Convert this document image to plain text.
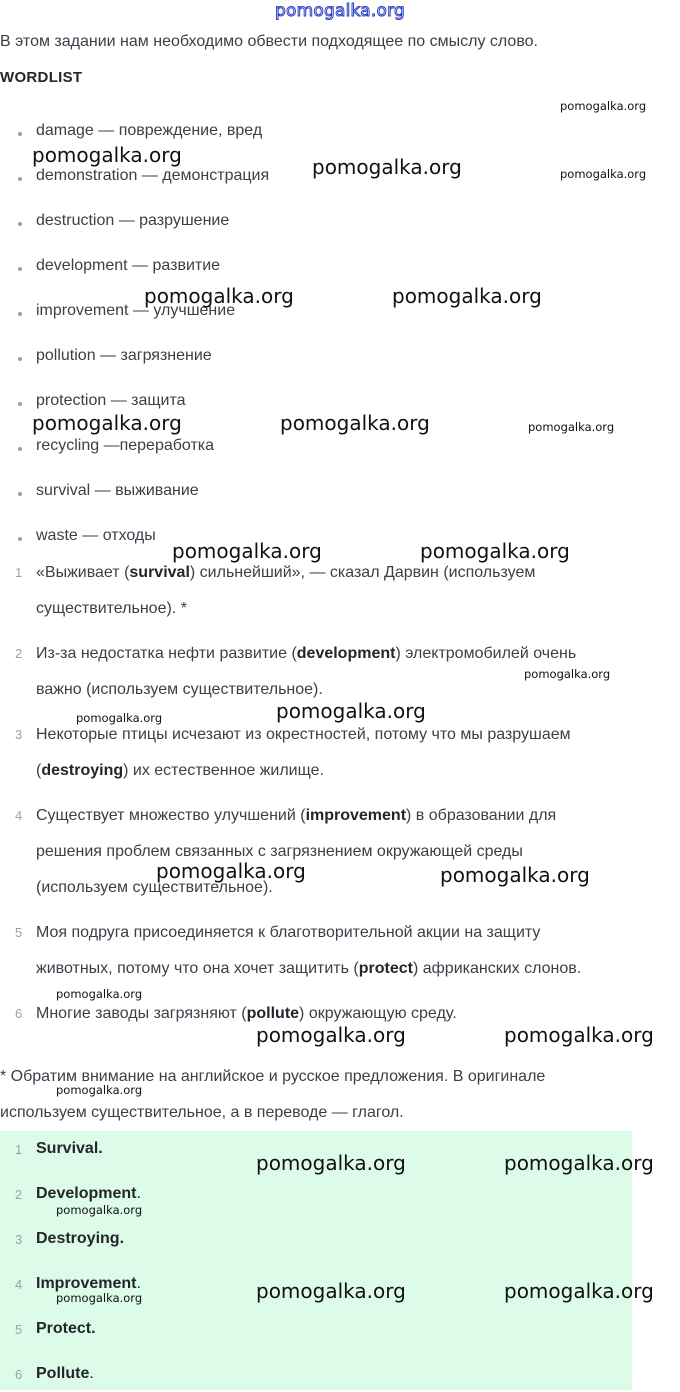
pomogalka.org
В этом задании нам необходимо обвести подходящее по смыслу слово.
WORDLIST
damage — повреждение, вред
demonstration — демонстрация
destruction — разрушение
development — развитие
improvement — улучшение
pollution — загрязнение
protection — защита
recycling —переработка
survival — выживание
waste — отходы
1 «Выживает (survival) сильнейший», — сказал Дарвин (используем
существительное). *
2 Из-за недостатка нефти развитие (development) электромобилей очень
важно (используем существительное).
3 Некоторые птицы исчезают из окрестностей, потому что мы разрушаем
(destroying) их естественное жилище.
4 Существует множество улучшений (improvement) в образовании для
решения проблем связанных с загрязнением окружающей среды
(используем существительное).
5 Моя подруга присоединяется к благотворительной акции на защиту
животных, потому что она хочет защитить (protect) африканских слонов.
6 Многие заводы загрязняют (pollute) окружающую среду.
* Обратим внимание на английское и русское предложения. В оригинале
используем существительное, а в переводе — глагол.
1 Survival.
2 Development.
3 Destroying.
4 Improvement.
5 Protect.
6 Pollute.
pomogalka.org	pomogalka.org
pomogalka.org	pomogalka.org
pomogalka.org	pomogalka.org
pomogalka.org	pomogalka.org
pomogalka.org
pomogalka.org	pomogalka.org
pomogalka.org	pomogalka.org
pomogalka.org	pomogalka.org
pomogalka.org	pomogalka.org
pomogalka.org
pomogalka.org
pomogalka.org
pomogalka.org
pomogalka.org
pomogalka.org
pomogalka.org
pomogalka.org
pomogalka.org
